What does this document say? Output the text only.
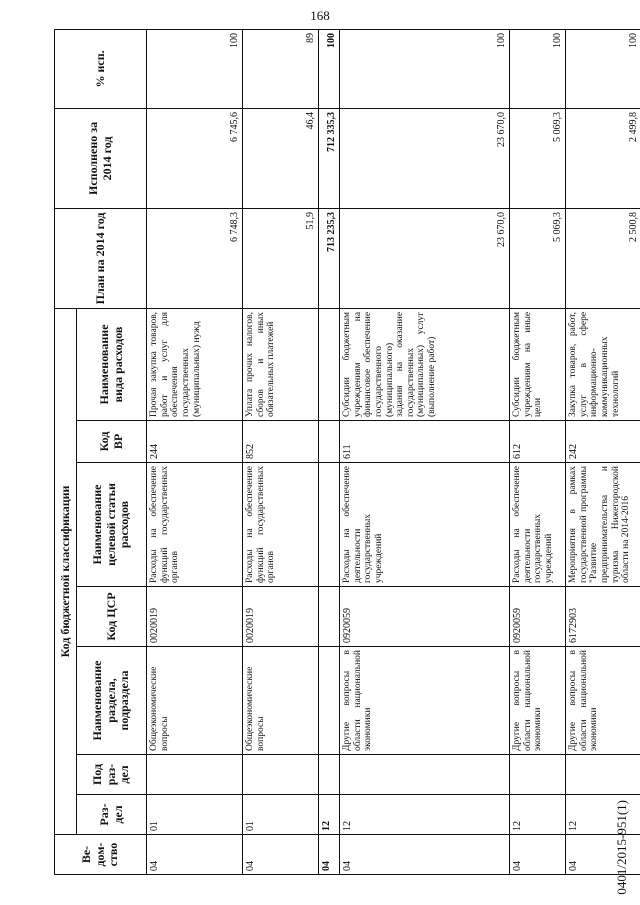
168
Ве-дом-ство	Код бюджетной классификации							План на 2014 год	Исполнено за 2014 год	% исп.
	Раз-дел	Под раз-дел	Наименование раздела, подраздела	Код ЦСР	Наименование целевой статьи расходов	Код ВР	Наименование вида расходов			
04	01		Общеэкономические вопросы	0020019	Расходы на обеспечение функций государственных органов	244	Прочая закупка товаров, работ и услуг для обеспечения государственных (муниципальных) нужд	6 748,3	6 745,6	100
04	01		Общеэкономические вопросы	0020019	Расходы на обеспечение функций государственных органов	852	Уплата прочих налогов, сборов и иных обязательных платежей	51,9	46,4	89
04	12							713 235,3	712 335,3	100
04	12		Другие вопросы в области национальной экономики	0920059	Расходы на обеспечение деятельности государственных учреждений	611	Субсидии бюджетным учреждениям на финансовое обеспечение государственного (муниципального) задания на оказание государственных (муниципальных) услуг (выполнение работ)	23 670,0	23 670,0	100
04	12		Другие вопросы в области национальной экономики	0920059	Расходы на обеспечение деятельности государственных учреждений	612	Субсидии бюджетным учреждениям на иные цели	5 069,3	5 069,3	100
04	12		Другие вопросы в области национальной экономики	6172903	Мероприятия в рамках государственной программы "Развитие предпринимательства и туризма Нижегородской области на 2014-2016	242	Закупка товаров, работ, услуг в сфере информационно-коммуникационных технологий	2 500,8	2 499,8	100
0401/2015-951(1)
